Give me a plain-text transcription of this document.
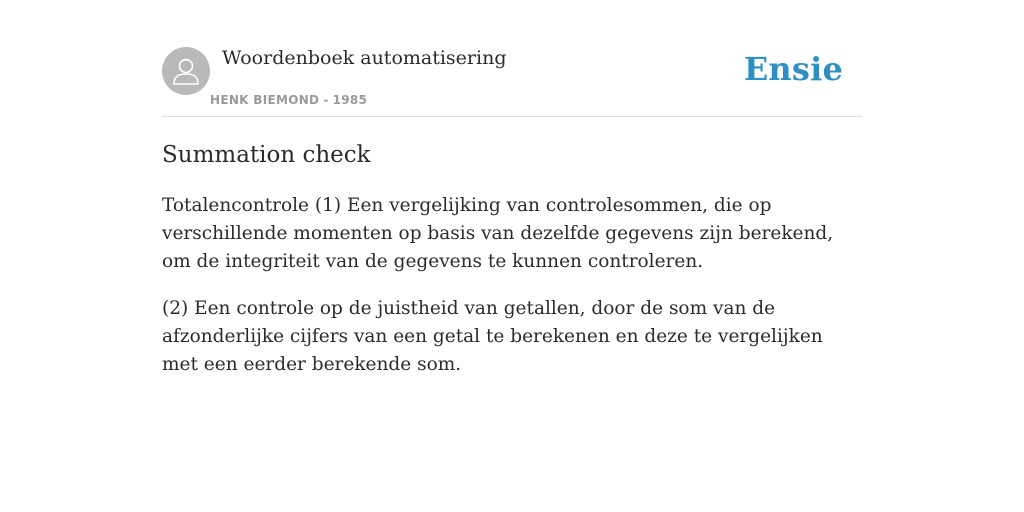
Woordenboek automatisering
HENK BIEMOND - 1985
Ensie
Summation check

Totalencontrole (1) Een vergelijking van controlesommen, die op verschillende momenten op basis van dezelfde gegevens zijn berekend, om de integriteit van de gegevens te kunnen controleren.

(2) Een controle op de juistheid van getallen, door de som van de afzonderlijke cijfers van een getal te berekenen en deze te vergelijken met een eerder berekende som.
